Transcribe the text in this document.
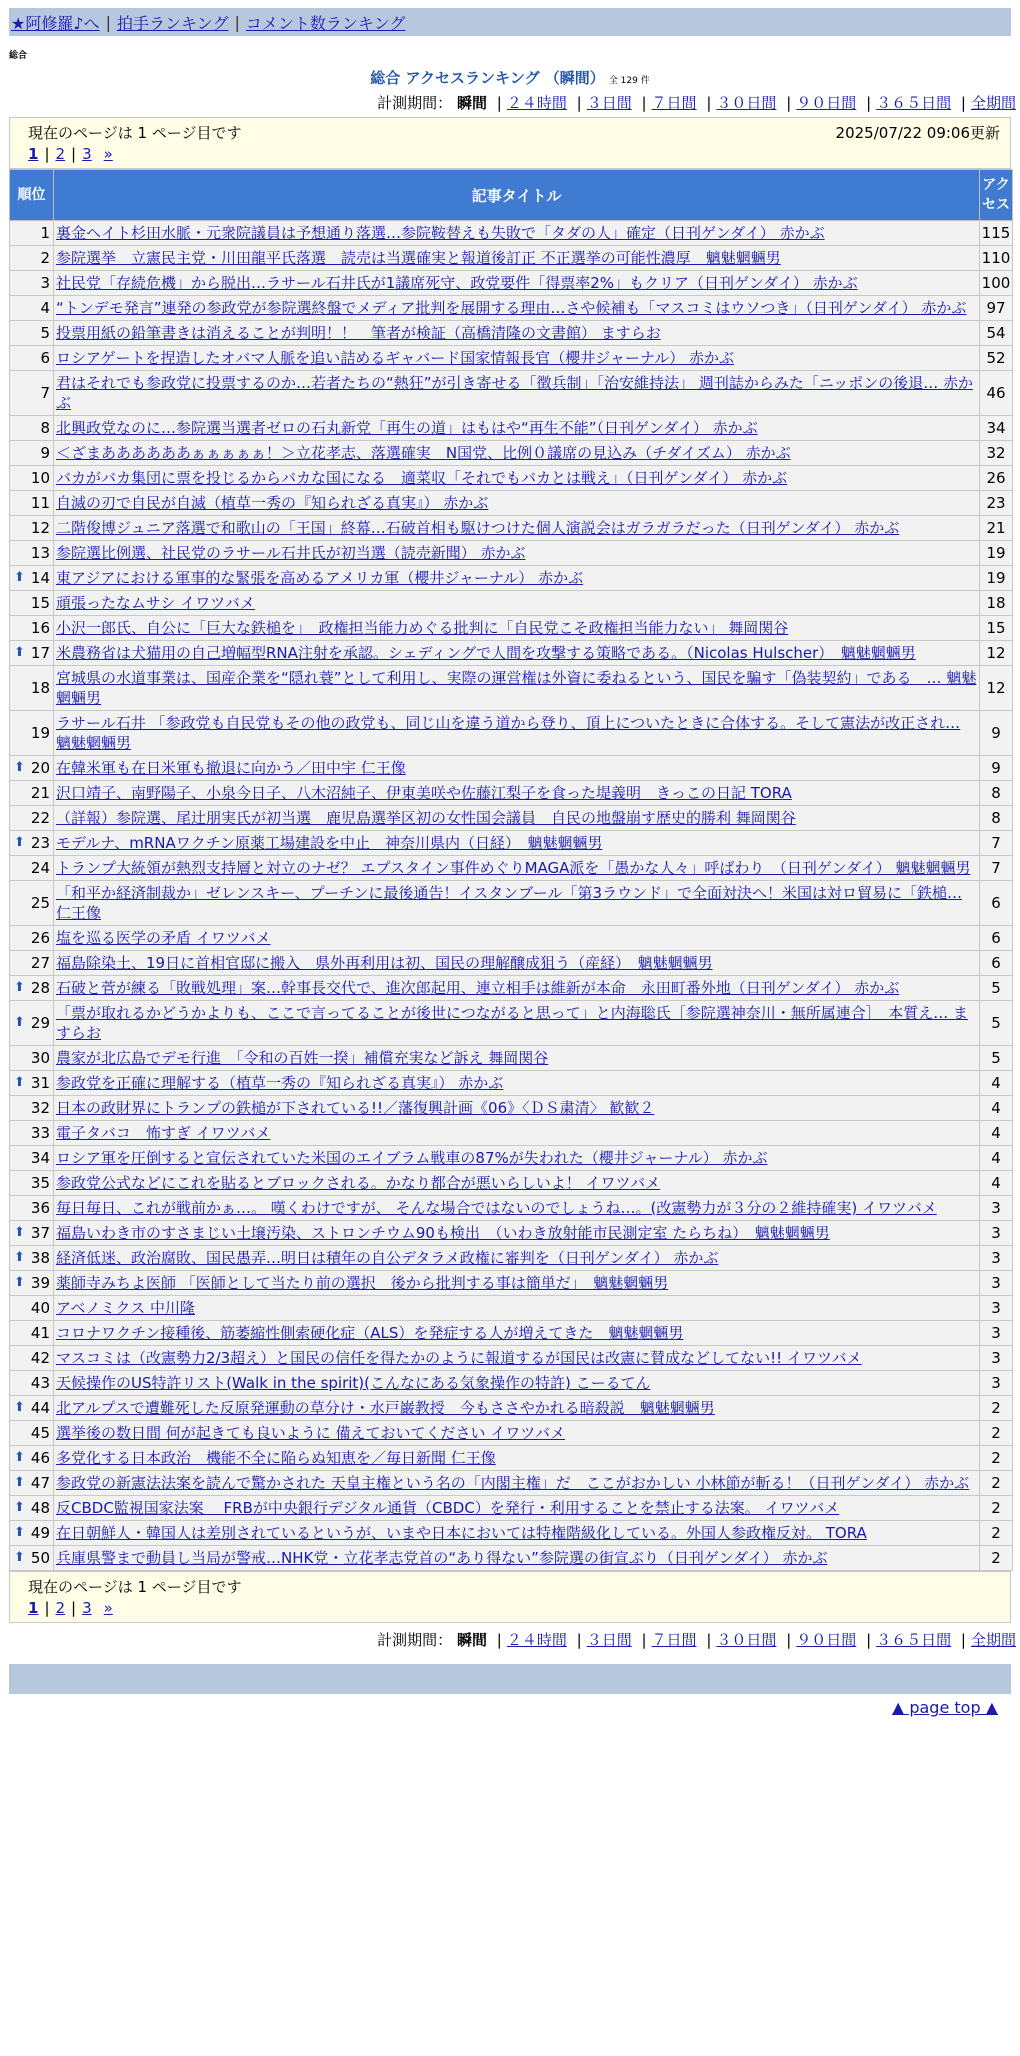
★阿修羅♪へ | 拍手ランキング | コメント数ランキング
総合
総合 アクセスランキング （瞬間） 全 129 件
計測期間： 瞬間 | ２４時間 | ３日間 | ７日間 | ３０日間 | ９０日間 | ３６５日間 | 全期間
現在のページは 1 ページ目です	2025/07/22 09:06更新
1 | 2 | 3 »
順位	記事タイトル	アクセス
1	裏金ヘイト杉田水脈・元衆院議員は予想通り落選…参院鞍替えも失敗で「タダの人」確定（日刊ゲンダイ） 赤かぶ	115
2	参院選挙　立憲民主党・川田龍平氏落選　読売は当選確実と報道後訂正 不正選挙の可能性濃厚　魑魅魍魎男	110
3	社民党「存続危機」から脱出…ラサール石井氏が1議席死守、政党要件「得票率2%」もクリア（日刊ゲンダイ） 赤かぶ	100
4	“トンデモ発言”連発の参政党が参院選終盤でメディア批判を展開する理由…さや候補も「マスコミはウソつき」（日刊ゲンダイ） 赤かぶ	97
5	投票用紙の鉛筆書きは消えることが判明！！　筆者が検証（高橋清隆の文書館） ますらお	54
6	ロシアゲートを捏造したオバマ人脈を追い詰めるギャバード国家情報長官（櫻井ジャーナル） 赤かぶ	52
7	君はそれでも参政党に投票するのか…若者たちの“熱狂”が引き寄せる「徴兵制」「治安維持法」 週刊誌からみた「ニッポンの後退… 赤かぶ	46
8	北興政党なのに…参院選当選者ゼロの石丸新党「再生の道」はもはや“再生不能”（日刊ゲンダイ） 赤かぶ	34
9	＜ざまああああああぁぁぁぁぁ！＞立花孝志、落選確実　N国党、比例０議席の見込み（チダイズム） 赤かぶ	32
10	バカがバカ集団に票を投じるからバカな国になる　適菜収「それでもバカとは戦え」（日刊ゲンダイ） 赤かぶ	26
11	自滅の刃で自民が自滅（植草一秀の『知られざる真実』） 赤かぶ	23
12	二階俊博ジュニア落選で和歌山の「王国」終幕…石破首相も駆けつけた個人演説会はガラガラだった（日刊ゲンダイ） 赤かぶ	21
13	参院選比例選、社民党のラサール石井氏が初当選（読売新聞） 赤かぶ	19

⬆ 14	東アジアにおける軍事的な緊張を高めるアメリカ軍（櫻井ジャーナル） 赤かぶ	19
15	頑張ったなムサシ イワツバメ	18
16	小沢一郎氏、自公に「巨大な鉄槌を」　政権担当能力めぐる批判に「自民党こそ政権担当能力ない」 舞岡関谷	15

⬆ 17	米農務省は犬猫用の自己増幅型RNA注射を承認。シェディングで人間を攻撃する策略である。（Nicolas Hulscher）　魑魅魍魎男	12
18	宮城県の水道事業は、国産企業を“隠れ蓑”として利用し、実際の運営権は外資に委ねるという、国民を騙す「偽装契約」である　… 魑魅魍魎男	12
19	ラサール石井 「参政党も自民党もその他の政党も、同じ山を違う道から登り、頂上についたときに合体する。そして憲法が改正され… 魑魅魍魎男	9

⬆ 20	在韓米軍も在日米軍も撤退に向かう／田中宇 仁王像	9
21	沢口靖子、南野陽子、小泉今日子、八木沼純子、伊東美咲や佐藤江梨子を食った堤義明　きっこの日記 TORA	8
22	（詳報）参院選、尾辻朋実氏が初当選　鹿児島選挙区初の女性国会議員　自民の地盤崩す歴史的勝利 舞岡関谷	8

⬆ 23	モデルナ、mRNAワクチン原薬工場建設を中止　神奈川県内（日経）　魑魅魍魎男	7
24	トランプ大統領が熱烈支持層と対立のナゼ？ エプスタイン事件めぐりMAGA派を「愚かな人々」呼ばわり　（日刊ゲンダイ） 魑魅魍魎男	7
25	「和平か経済制裁か」ゼレンスキー、プーチンに最後通告！イスタンブール「第3ラウンド」で全面対決へ！米国は対ロ貿易に「鉄槌… 仁王像	6
26	塩を巡る医学の矛盾 イワツバメ	6
27	福島除染土、19日に首相官邸に搬入　県外再利用は初、国民の理解醸成狙う（産経）　魑魅魍魎男	6

⬆ 28	石破と菅が練る「敗戦処理」案…幹事長交代で、進次郎起用、連立相手は維新が本命　永田町番外地（日刊ゲンダイ） 赤かぶ	5

⬆ 29	「票が取れるかどうかよりも、ここで言ってることが後世につながると思って」と内海聡氏［参院選神奈川・無所属連合］　本質え… ますらお	5
30	農家が北広島でデモ行進　「令和の百姓一揆」補償充実など訴え 舞岡関谷	5

⬆ 31	参政党を正確に理解する（植草一秀の『知られざる真実』） 赤かぶ	4
32	日本の政財界にトランプの鉄槌が下されている!!／藩復興計画《06》〈ＤＳ粛清〉 歓歓２	4
33	電子タバコ　怖すぎ イワツバメ	4
34	ロシア軍を圧倒すると宣伝されていた米国のエイブラム戦車の87%が失われた（櫻井ジャーナル） 赤かぶ	4
35	参政党公式などにこれを貼るとブロックされる。かなり都合が悪いらしいよ！ イワツバメ	4
36	毎日毎日、これが戦前かぁ…。 嘆くわけですが、 そんな場合ではないのでしょうね…。(改憲勢力が３分の２維持確実) イワツバメ	3

⬆ 37	福島いわき市のすさまじい土壌汚染、ストロンチウム90も検出　（いわき放射能市民測定室 たらちね）　魑魅魍魎男	3

⬆ 38	経済低迷、政治腐敗、国民愚弄…明日は積年の自公デタラメ政権に審判を（日刊ゲンダイ） 赤かぶ	3

⬆ 39	薬師寺みちよ医師 「医師として当たり前の選択　後から批判する事は簡単だ」　魑魅魍魎男	3
40	アベノミクス 中川隆	3
41	コロナワクチン接種後、筋萎縮性側索硬化症（ALS）を発症する人が増えてきた　魑魅魍魎男	3
42	マスコミは（改憲勢力2/3超え）と国民の信任を得たかのように報道するが国民は改憲に賛成などしてない!! イワツバメ	3
43	天候操作のUS特許リスト(Walk in the spirit)(こんなにある気象操作の特許) こーるてん	3

⬆ 44	北アルプスで遭難死した反原発運動の草分け・水戸巌教授　今もささやかれる暗殺説　魑魅魍魎男	2
45	選挙後の数日間 何が起きても良いように 備えておいてください イワツバメ	2

⬆ 46	多党化する日本政治　機能不全に陥らぬ知恵を／毎日新聞 仁王像	2

⬆ 47	参政党の新憲法法案を読んで驚かされた 天皇主権という名の「内閣主権」だ　ここがおかしい 小林節が斬る！（日刊ゲンダイ） 赤かぶ	2

⬆ 48	反CBDC監視国家法案　 FRBが中央銀行デジタル通貨（CBDC）を発行・利用することを禁止する法案。 イワツバメ	2

⬆ 49	在日朝鮮人・韓国人は差別されているというが、いまや日本においては特権階級化している。外国人参政権反対。 TORA	2

⬆ 50	兵庫県警まで動員し当局が警戒…NHK党・立花孝志党首の“あり得ない”参院選の街宣ぶり（日刊ゲンダイ） 赤かぶ	2
現在のページは 1 ページ目です
1 | 2 | 3 »
計測期間： 瞬間 | ２４時間 | ３日間 | ７日間 | ３０日間 | ９０日間 | ３６５日間 | 全期間
▲ page top ▲
